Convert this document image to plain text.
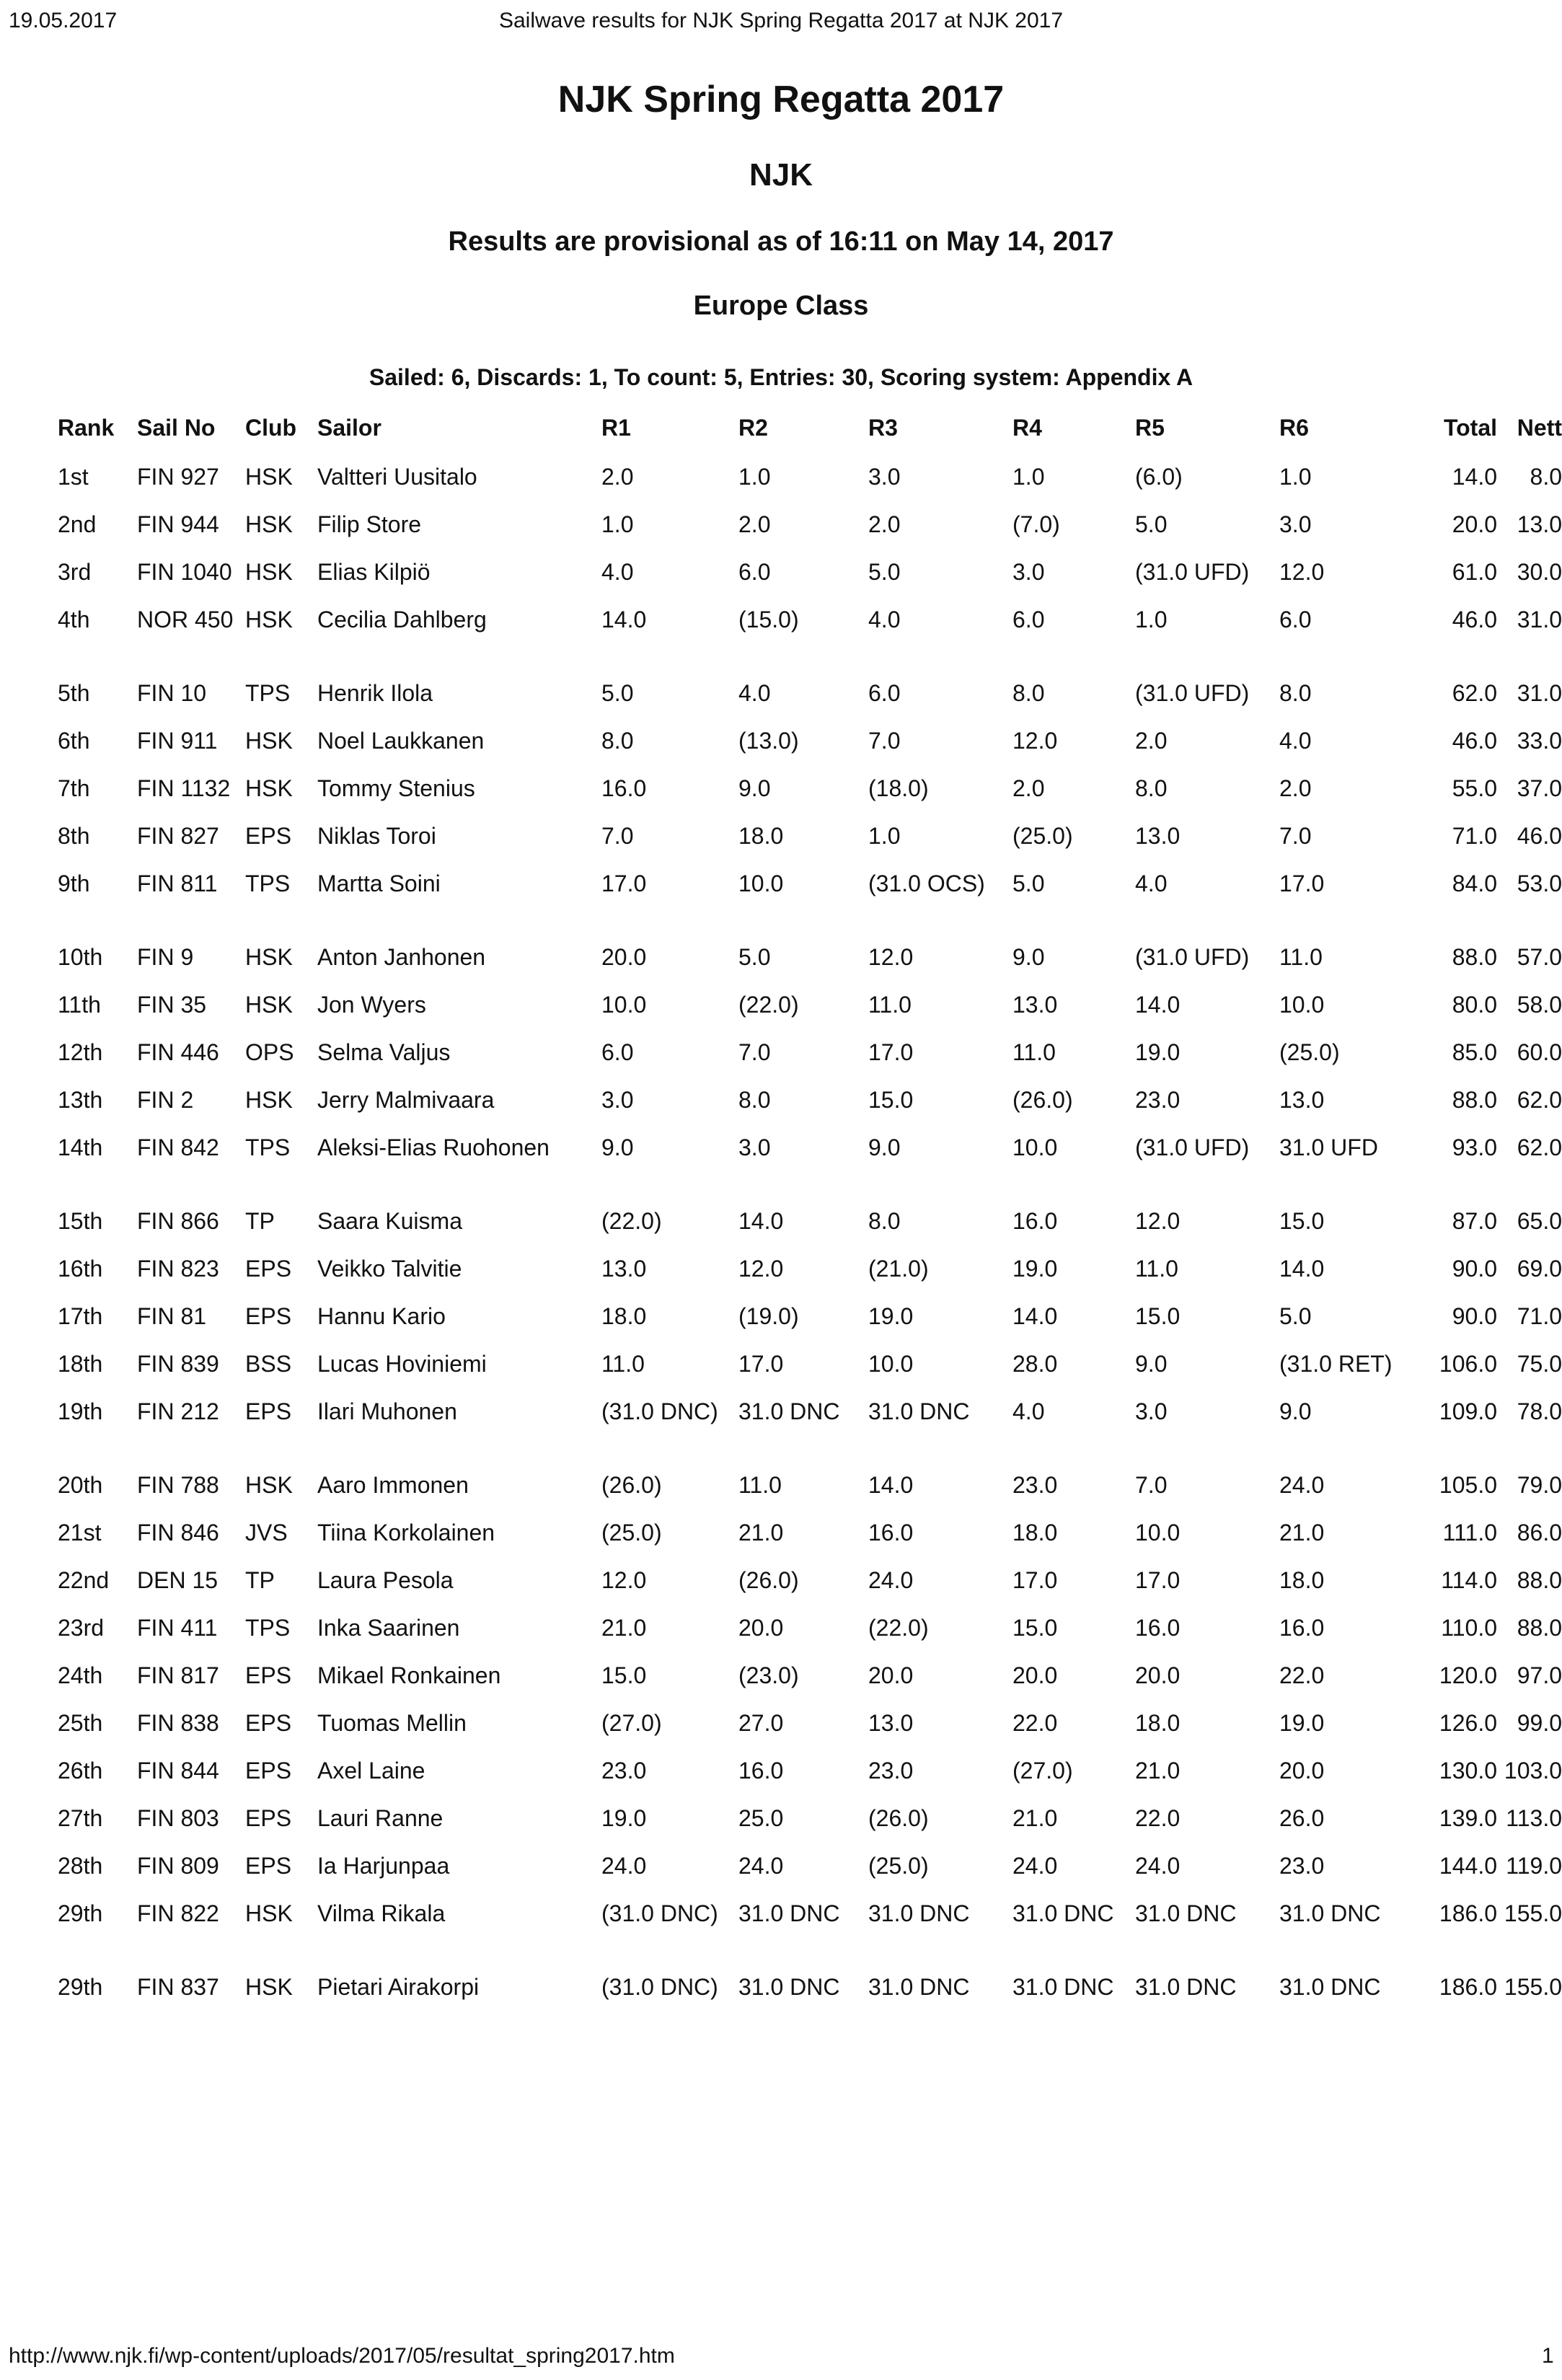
19.05.2017	Sailwave results for NJK Spring Regatta 2017 at NJK 2017
NJK Spring Regatta 2017
NJK
Results are provisional as of 16:11 on May 14, 2017
Europe Class
Sailed: 6, Discards: 1, To count: 5, Entries: 30, Scoring system: Appendix A
Rank Sail No	Club Sailor	R1	R2	R3	R4	R5	R6	Total Nett
1st	FIN 927	HSK	Valtteri Uusitalo	2.0	1.0	3.0	1.0	(6.0)	1.0	14.0	8.0
2nd	FIN 944	HSK	Filip Store	1.0	2.0	2.0	(7.0)	5.0	3.0	20.0 13.0
3rd	FIN 1040 HSK	Elias Kilpiö	4.0	6.0	5.0	3.0	(31.0 UFD)	12.0	61.0 30.0
4th	NOR 450 HSK	Cecilia Dahlberg	14.0	(15.0)	4.0	6.0	1.0	6.0	46.0 31.0
5th	FIN 10	TPS	Henrik Ilola	5.0	4.0	6.0	8.0	(31.0 UFD)	8.0	62.0 31.0
6th	FIN 911	HSK	Noel Laukkanen	8.0	(13.0)	7.0	12.0	2.0	4.0	46.0 33.0
7th	FIN 1132 HSK	Tommy Stenius	16.0	9.0	(18.0)	2.0	8.0	2.0	55.0 37.0
8th	FIN 827	EPS	Niklas Toroi	7.0	18.0	1.0	(25.0)	13.0	7.0	71.0 46.0
9th	FIN 811	TPS	Martta Soini	17.0	10.0	(31.0 OCS)	5.0	4.0	17.0	84.0 53.0
10th	FIN 9	HSK	Anton Janhonen	20.0	5.0	12.0	9.0	(31.0 UFD)	11.0	88.0 57.0
11th	FIN 35	HSK	Jon Wyers	10.0	(22.0)	11.0	13.0	14.0	10.0	80.0 58.0
12th	FIN 446	OPS	Selma Valjus	6.0	7.0	17.0	11.0	19.0	(25.0)	85.0 60.0
13th	FIN 2	HSK	Jerry Malmivaara	3.0	8.0	15.0	(26.0)	23.0	13.0	88.0 62.0
14th	FIN 842	TPS	Aleksi-Elias Ruohonen	9.0	3.0	9.0	10.0	(31.0 UFD)	31.0 UFD	93.0 62.0
15th	FIN 866	TP	Saara Kuisma	(22.0)	14.0	8.0	16.0	12.0	15.0	87.0 65.0
16th	FIN 823	EPS	Veikko Talvitie	13.0	12.0	(21.0)	19.0	11.0	14.0	90.0 69.0
17th	FIN 81	EPS	Hannu Kario	18.0	(19.0)	19.0	14.0	15.0	5.0	90.0 71.0
18th	FIN 839	BSS	Lucas Hoviniemi	11.0	17.0	10.0	28.0	9.0	(31.0 RET)	106.0 75.0
19th	FIN 212	EPS	Ilari Muhonen	(31.0 DNC) 31.0 DNC	31.0 DNC	4.0	3.0	9.0	109.0 78.0
20th	FIN 788	HSK	Aaro Immonen	(26.0)	11.0	14.0	23.0	7.0	24.0	105.0 79.0
21st	FIN 846	JVS	Tiina Korkolainen	(25.0)	21.0	16.0	18.0	10.0	21.0	111.0 86.0
22nd	DEN 15	TP	Laura Pesola	12.0	(26.0)	24.0	17.0	17.0	18.0	114.0 88.0
23rd	FIN 411	TPS	Inka Saarinen	21.0	20.0	(22.0)	15.0	16.0	16.0	110.0 88.0
24th	FIN 817	EPS	Mikael Ronkainen	15.0	(23.0)	20.0	20.0	20.0	22.0	120.0 97.0
25th	FIN 838	EPS	Tuomas Mellin	(27.0)	27.0	13.0	22.0	18.0	19.0	126.0 99.0
26th	FIN 844	EPS	Axel Laine	23.0	16.0	23.0	(27.0)	21.0	20.0	130.0 103.0
27th	FIN 803	EPS	Lauri Ranne	19.0	25.0	(26.0)	21.0	22.0	26.0	139.0 113.0
28th	FIN 809	EPS	Ia Harjunpaa	24.0	24.0	(25.0)	24.0	24.0	23.0	144.0 119.0
29th	FIN 822	HSK	Vilma Rikala	(31.0 DNC) 31.0 DNC	31.0 DNC	31.0 DNC 31.0 DNC	31.0 DNC	186.0 155.0
29th	FIN 837	HSK	Pietari Airakorpi	(31.0 DNC) 31.0 DNC	31.0 DNC	31.0 DNC 31.0 DNC	31.0 DNC	186.0 155.0
http://www.njk.fi/wp-content/uploads/2017/05/resultat_spring2017.htm	1
